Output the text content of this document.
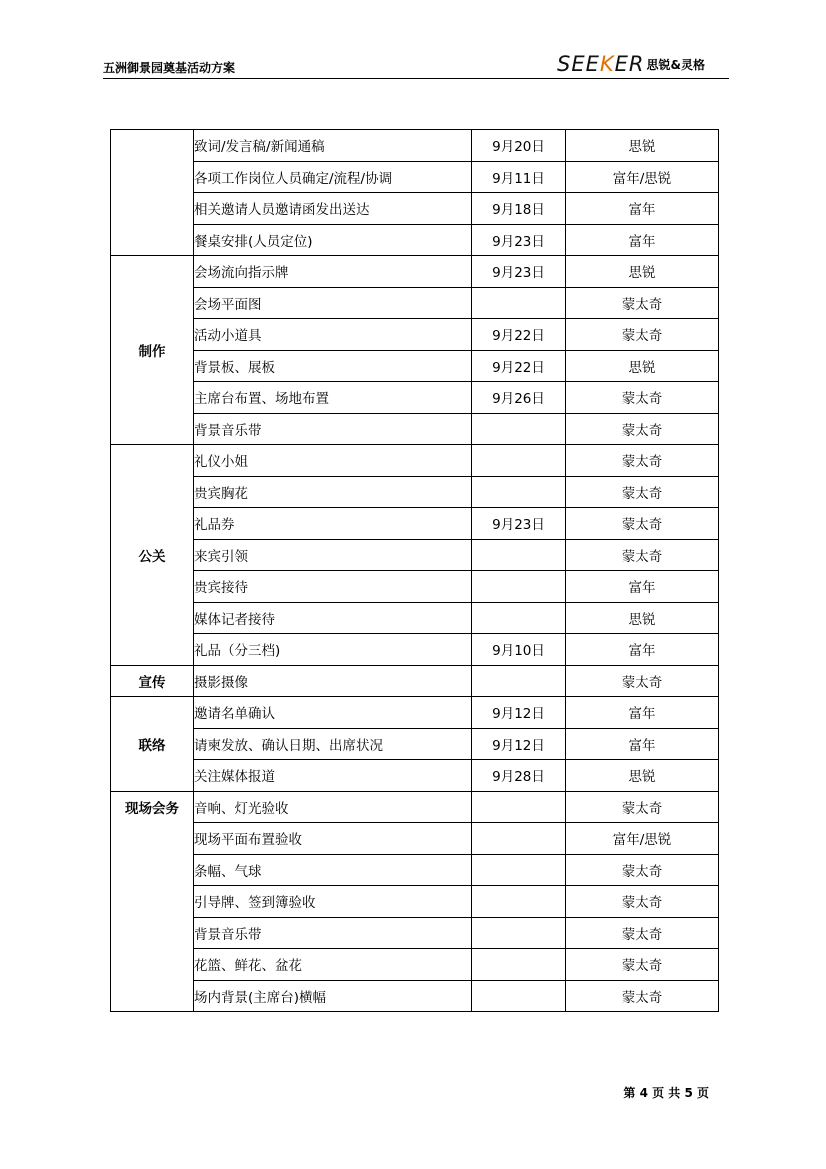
五洲御景园奠基活动方案	SEEKER 思锐&灵格
	致词/发言稿/新闻通稿	9月20日	思锐
	各项工作岗位人员确定/流程/协调	9月11日	富年/思锐
	相关邀请人员邀请函发出送达	9月18日	富年
	餐桌安排(人员定位)	9月23日	富年
制作	会场流向指示牌	9月23日	思锐
	会场平面图		蒙太奇
	活动小道具	9月22日	蒙太奇
	背景板、展板	9月22日	思锐
	主席台布置、场地布置	9月26日	蒙太奇
	背景音乐带		蒙太奇
公关	礼仪小姐		蒙太奇
	贵宾胸花		蒙太奇
	礼品券	9月23日	蒙太奇
	来宾引领		蒙太奇
	贵宾接待		富年
	媒体记者接待		思锐
	礼品（分三档)	9月10日	富年
宣传	摄影摄像		蒙太奇
联络	邀请名单确认	9月12日	富年
	请柬发放、确认日期、出席状况	9月12日	富年
	关注媒体报道	9月28日	思锐
现场会务	音响、灯光验收		蒙太奇
	现场平面布置验收		富年/思锐
	条幅、气球		蒙太奇
	引导牌、签到簿验收		蒙太奇
	背景音乐带		蒙太奇
	花篮、鲜花、盆花		蒙太奇
	场内背景(主席台)横幅		蒙太奇
第 4 页 共 5 页
